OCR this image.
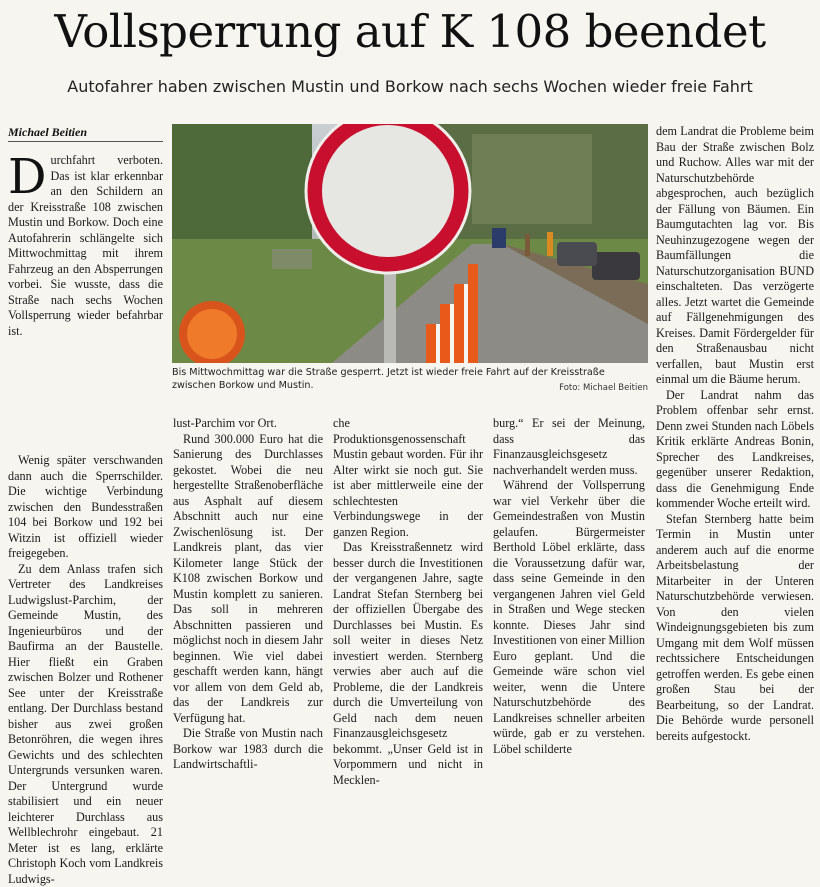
Vollsperrung auf K 108 beendet
Autofahrer haben zwischen Mustin und Borkow nach sechs Wochen wieder freie Fahrt
Michael Beitien

Durchfahrt verboten. Das ist klar erkennbar an den Schildern an der Kreisstraße 108 zwischen Mustin und Borkow. Doch eine Autofahrerin schlängelte sich Mittwochmittag mit ihrem Fahrzeug an den Absperrungen vorbei. Sie wusste, dass die Straße nach sechs Wochen Vollsperrung wieder befahrbar ist.

Wenig später verschwanden dann auch die Sperrschilder. Die wichtige Verbindung zwischen den Bundesstraßen 104 bei Borkow und 192 bei Witzin ist offiziell wieder freigegeben.

Zu dem Anlass trafen sich Vertreter des Landkreises Ludwigslust-Parchim, der Gemeinde Mustin, des Ingenieurbüros und der Baufirma an der Baustelle. Hier fließt ein Graben zwischen Bolzer und Rothener See unter der Kreisstraße entlang. Der Durchlass bestand bisher aus zwei großen Betonröhren, die wegen ihres Gewichts und des schlechten Untergrunds versunken waren. Der Untergrund wurde stabilisiert und ein neuer leichterer Durchlass aus Wellblechrohr eingebaut. 21 Meter ist es lang, erklärte Christoph Koch vom Landkreis Ludwigs-

Bis Mittwochmittag war die Straße gesperrt. Jetzt ist wieder freie Fahrt auf der Kreisstraße zwischen Borkow und Mustin.	Foto: Michael Beitien

lust-Parchim vor Ort.

Rund 300.000 Euro hat die Sanierung des Durchlasses gekostet. Wobei die neu hergestellte Straßenoberfläche aus Asphalt auf diesem Abschnitt auch nur eine Zwischenlösung ist. Der Landkreis plant, das vier Kilometer lange Stück der K108 zwischen Borkow und Mustin komplett zu sanieren. Das soll in mehreren Abschnitten passieren und möglichst noch in diesem Jahr beginnen. Wie viel dabei geschafft werden kann, hängt vor allem von dem Geld ab, das der Landkreis zur Verfügung hat.

Die Straße von Mustin nach Borkow war 1983 durch die Landwirtschaftli-

che Produktionsgenossenschaft Mustin gebaut worden. Für ihr Alter wirkt sie noch gut. Sie ist aber mittlerweile eine der schlechtesten Verbindungswege in der ganzen Region.

Das Kreisstraßennetz wird besser durch die Investitionen der vergangenen Jahre, sagte Landrat Stefan Sternberg bei der offiziellen Übergabe des Durchlasses bei Mustin. Es soll weiter in dieses Netz investiert werden. Sternberg verwies aber auch auf die Probleme, die der Landkreis durch die Umverteilung von Geld nach dem neuen Finanzausgleichsgesetz bekommt. „Unser Geld ist in Vorpommern und nicht in Mecklen-

burg.“ Er sei der Meinung, dass das Finanzausgleichsgesetz nachverhandelt werden muss.

Während der Vollsperrung war viel Verkehr über die Gemeindestraßen von Mustin gelaufen. Bürgermeister Berthold Löbel erklärte, dass die Voraussetzung dafür war, dass seine Gemeinde in den vergangenen Jahren viel Geld in Straßen und Wege stecken konnte. Dieses Jahr sind Investitionen von einer Million Euro geplant. Und die Gemeinde wäre schon viel weiter, wenn die Untere Naturschutzbehörde des Landkreises schneller arbeiten würde, gab er zu verstehen. Löbel schilderte

dem Landrat die Probleme beim Bau der Straße zwischen Bolz und Ruchow. Alles war mit der Naturschutzbehörde abgesprochen, auch bezüglich der Fällung von Bäumen. Ein Baumgutachten lag vor. Bis Neuhinzugezogene wegen der Baumfällungen die Naturschutzorganisation BUND einschalteten. Das verzögerte alles. Jetzt wartet die Gemeinde auf Fällgenehmigungen des Kreises. Damit Fördergelder für den Straßenausbau nicht verfallen, baut Mustin erst einmal um die Bäume herum.

Der Landrat nahm das Problem offenbar sehr ernst. Denn zwei Stunden nach Löbels Kritik erklärte Andreas Bonin, Sprecher des Landkreises, gegenüber unserer Redaktion, dass die Genehmigung Ende kommender Woche erteilt wird.

Stefan Sternberg hatte beim Termin in Mustin unter anderem auch auf die enorme Arbeitsbelastung der Mitarbeiter in der Unteren Naturschutzbehörde verwiesen. Von den vielen Windeignungsgebieten bis zum Umgang mit dem Wolf müssen rechtssichere Entscheidungen getroffen werden. Es gebe einen großen Stau bei der Bearbeitung, so der Landrat. Die Behörde wurde personell bereits aufgestockt.
